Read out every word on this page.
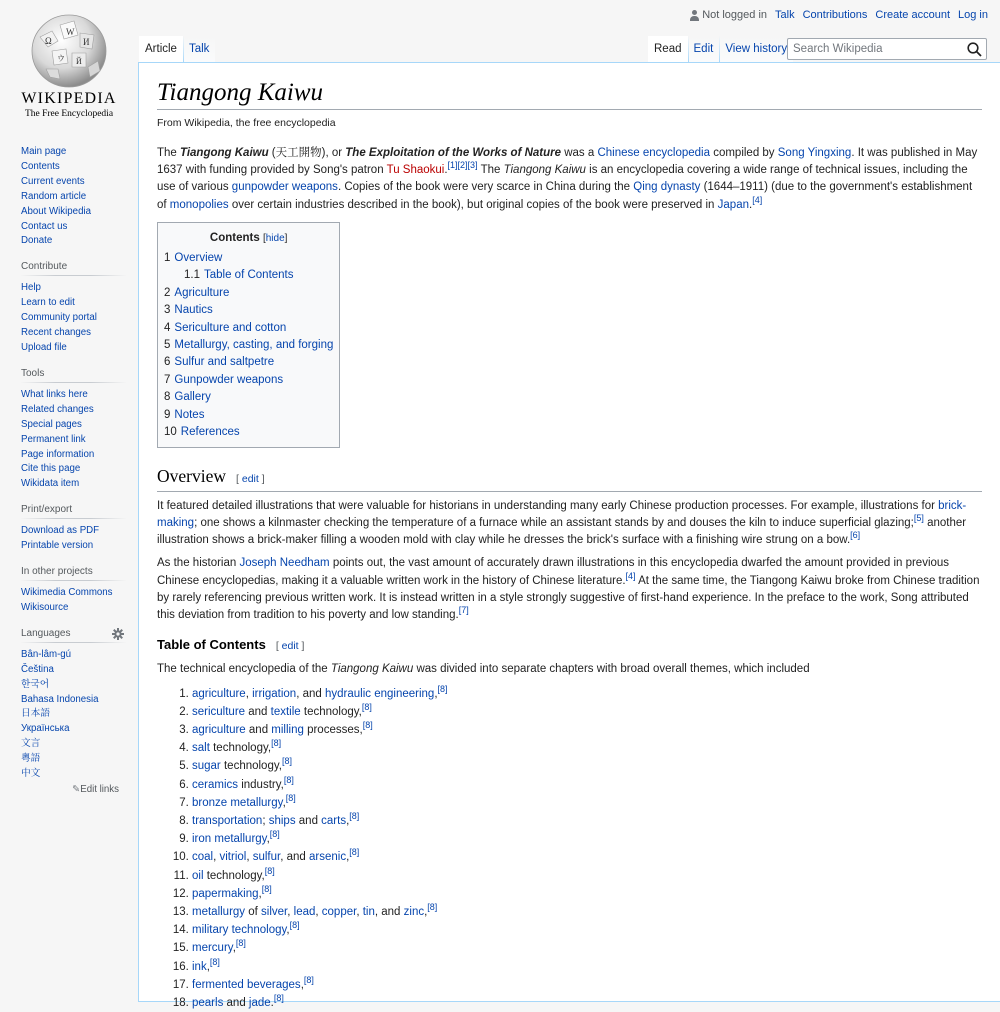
Ω
W
И
ウ Й
WIKIPEDIA
The Free Encyclopedia
Not logged in Talk Contributions Create account Log in
Article	Talk	Read	Edit	View history
Search Wikipedia
Main page
Contents
Current events
Random article
About Wikipedia
Contact us
Donate
Contribute
Help
Learn to edit
Community portal
Recent changes
Upload file
Tools
What links here
Related changes
Special pages
Permanent link
Page information
Cite this page
Wikidata item
Print/export
Download as PDF
Printable version
In other projects
Wikimedia Commons
Wikisource
Languages
Bân-lâm-gú
Čeština
한국어
Bahasa Indonesia
日本語
Українська
文言
粵語
中文
✎Edit links
Tiangong Kaiwu
From Wikipedia, the free encyclopedia

The Tiangong Kaiwu (天工開物), or The Exploitation of the Works of Nature was a Chinese encyclopedia compiled by Song Yingxing. It was published in May 1637 with funding provided by Song's patron Tu Shaokui.[1][2][3] The Tiangong Kaiwu is an encyclopedia covering a wide range of technical issues, including the use of various gunpowder weapons. Copies of the book were very scarce in China during the Qing dynasty (1644–1911) (due to the government's establishment of monopolies over certain industries described in the book), but original copies of the book were preserved in Japan.[4]

Contents [hide]
1 Overview
1.1 Table of Contents
2 Agriculture
3 Nautics
4 Sericulture and cotton
5 Metallurgy, casting, and forging
6 Sulfur and saltpetre
7 Gunpowder weapons
8 Gallery
9 Notes
10 References
Overview [ edit ]

It featured detailed illustrations that were valuable for historians in understanding many early Chinese production processes. For example, illustrations for brick-making; one shows a kilnmaster checking the temperature of a furnace while an assistant stands by and douses the kiln to induce superficial glazing;[5] another illustration shows a brick-maker filling a wooden mold with clay while he dresses the brick's surface with a finishing wire strung on a bow.[6]

As the historian Joseph Needham points out, the vast amount of accurately drawn illustrations in this encyclopedia dwarfed the amount provided in previous Chinese encyclopedias, making it a valuable written work in the history of Chinese literature.[4] At the same time, the Tiangong Kaiwu broke from Chinese tradition by rarely referencing previous written work. It is instead written in a style strongly suggestive of first-hand experience. In the preface to the work, Song attributed this deviation from tradition to his poverty and low standing.[7]

Table of Contents [ edit ]

The technical encyclopedia of the Tiangong Kaiwu was divided into separate chapters with broad overall themes, which included

1. agriculture, irrigation, and hydraulic engineering,[8]
2. sericulture and textile technology,[8]
3. agriculture and milling processes,[8]
4. salt technology,[8]
5. sugar technology,[8]
6. ceramics industry,[8]
7. bronze metallurgy,[8]
8. transportation; ships and carts,[8]
9. iron metallurgy,[8]
10. coal, vitriol, sulfur, and arsenic,[8]
11. oil technology,[8]
12. papermaking,[8]
13. metallurgy of silver, lead, copper, tin, and zinc,[8]
14. military technology,[8]
15. mercury,[8]
16. ink,[8]
17. fermented beverages,[8]
18. pearls and jade.[8]
